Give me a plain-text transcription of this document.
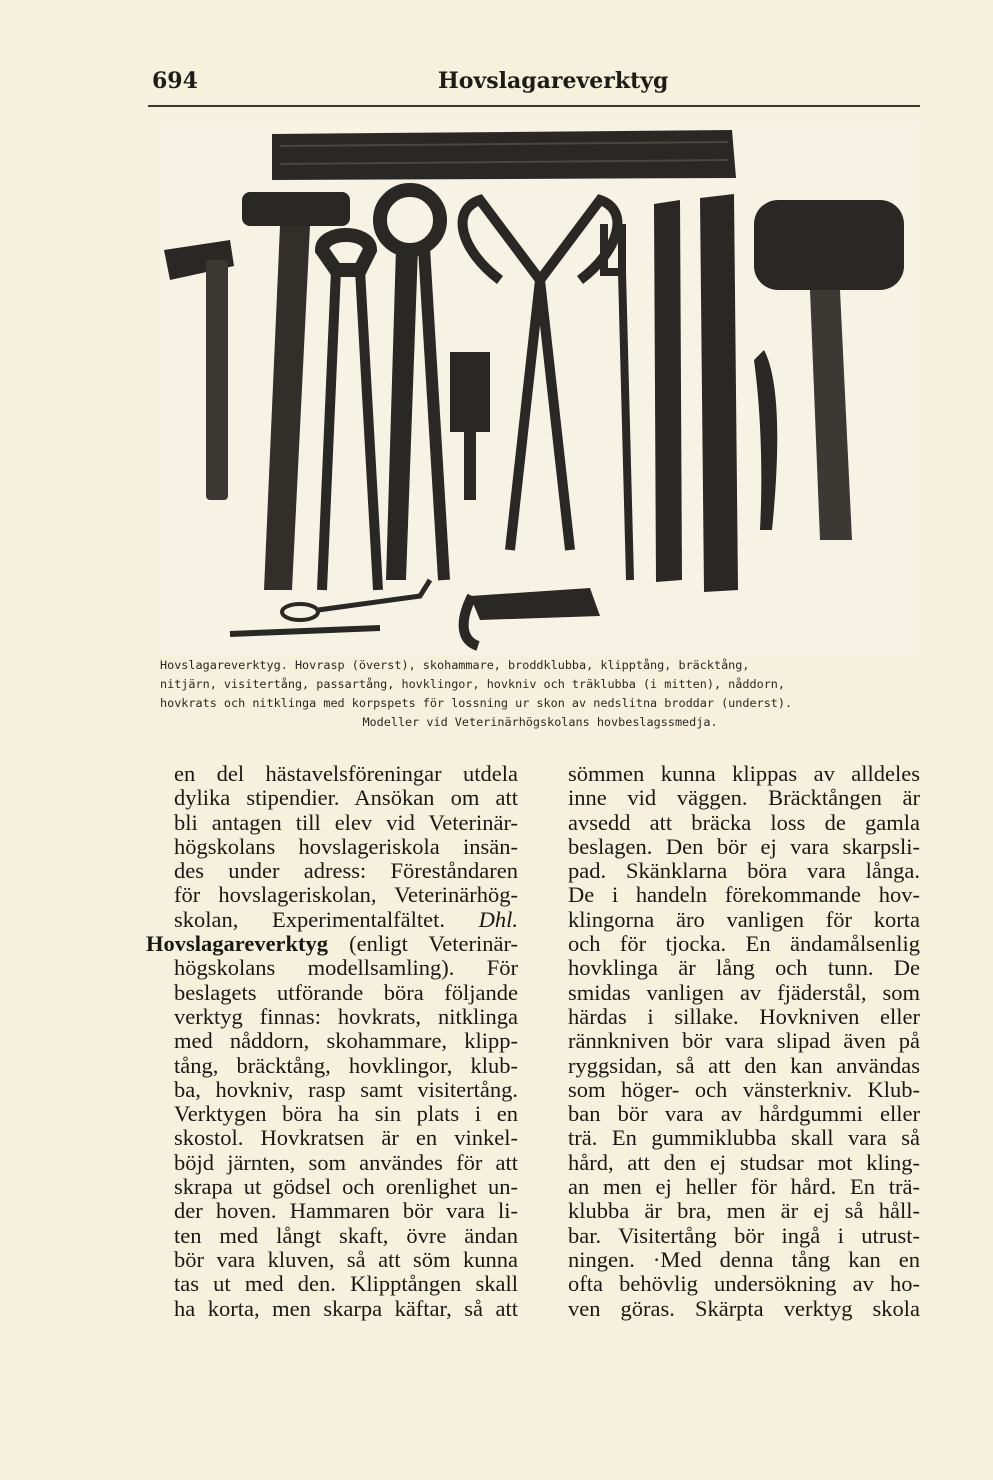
694	Hovslagareverktyg
Hovslagareverktyg. Hovrasp (överst), skohammare, broddklubba, klipptång, bräcktång,
nitjärn, visitertång, passartång, hovklingor, hovkniv och träklubba (i mitten), nåddorn,
hovkrats och nitklinga med korpspets för lossning ur skon av nedslitna broddar (underst).
Modeller vid Veterinärhögskolans hovbeslagssmedja.
en del hästavelsföreningar utdela
dylika stipendier. Ansökan om att
bli antagen till elev vid Veterinär-
högskolans hovslageriskola insän-
des under adress: Föreståndaren
för hovslageriskolan, Veterinärhög-
skolan, Experimentalfältet. Dhl.
Hovslagareverktyg (enligt Veterinär-
högskolans modellsamling). För
beslagets utförande böra följande
verktyg finnas: hovkrats, nitklinga
med nåddorn, skohammare, klipp-
tång, bräcktång, hovklingor, klub-
ba, hovkniv, rasp samt visitertång.
Verktygen böra ha sin plats i en
skostol. Hovkratsen är en vinkel-
böjd järnten, som användes för att
skrapa ut gödsel och orenlighet un-
der hoven. Hammaren bör vara li-
ten med långt skaft, övre ändan
bör vara kluven, så att söm kunna
tas ut med den. Klipptången skall
ha korta, men skarpa käftar, så att
sömmen kunna klippas av alldeles
inne vid väggen. Bräcktången är
avsedd att bräcka loss de gamla
beslagen. Den bör ej vara skarpsli-
pad. Skänklarna böra vara långa.
De i handeln förekommande hov-
klingorna äro vanligen för korta
och för tjocka. En ändamålsenlig
hovklinga är lång och tunn. De
smidas vanligen av fjäderstål, som
härdas i sillake. Hovkniven eller
rännkniven bör vara slipad även på
ryggsidan, så att den kan användas
som höger- och vänsterkniv. Klub-
ban bör vara av hårdgummi eller
trä. En gummiklubba skall vara så
hård, att den ej studsar mot kling-
an men ej heller för hård. En trä-
klubba är bra, men är ej så håll-
bar. Visitertång bör ingå i utrust-
ningen. ·Med denna tång kan en
ofta behövlig undersökning av ho-
ven göras. Skärpta verktyg skola
